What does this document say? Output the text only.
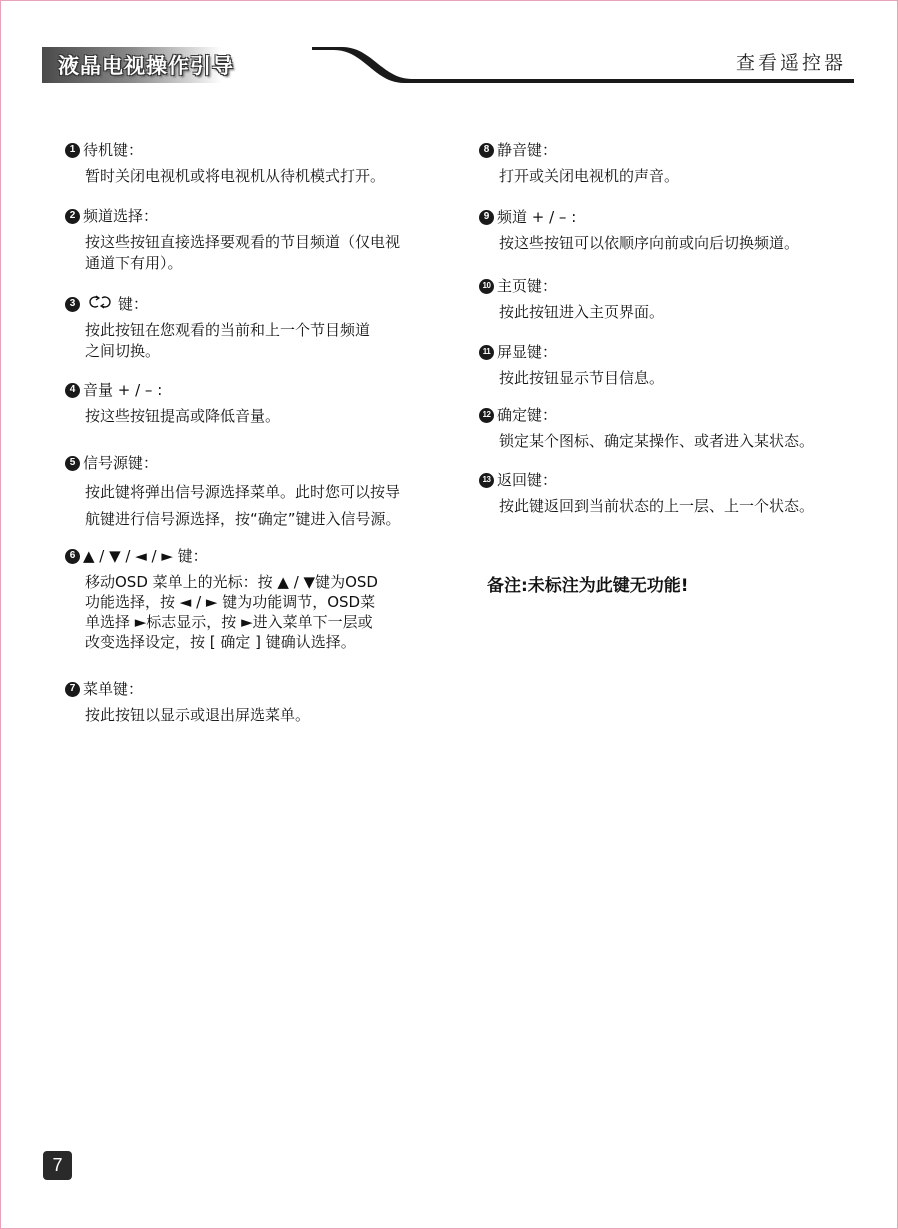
液晶电视操作引导	查看遥控器
1 待机键：
暂时关闭电视机或将电视机从待机模式打开。
2 频道选择：
按这些按钮直接选择要观看的节目频道（仅电视
通道下有用）。
3	键：
按此按钮在您观看的当前和上一个节目频道
之间切换。
4 音量 + / – :
按这些按钮提高或降低音量。
5 信号源键：
按此键将弹出信号源选择菜单。此时您可以按导
航键进行信号源选择，按“确定”键进入信号源。
6 ▲ / ▼ / ◄ / ► 键：
移动OSD 菜单上的光标：按 ▲ / ▼键为OSD
功能选择，按 ◄ / ► 键为功能调节，OSD菜
单选择 ►标志显示，按 ►进入菜单下一层或
改变选择设定，按 [ 确定 ] 键确认选择。
7 菜单键：
按此按钮以显示或退出屏选菜单。
8 静音键：
打开或关闭电视机的声音。
9 频道 + / – :
按这些按钮可以依顺序向前或向后切换频道。
10 主页键：
按此按钮进入主页界面。
11 屏显键：
按此按钮显示节目信息。
12 确定键：
锁定某个图标、确定某操作、或者进入某状态。
13 返回键：
按此键返回到当前状态的上一层、上一个状态。
备注:未标注为此键无功能!
7
